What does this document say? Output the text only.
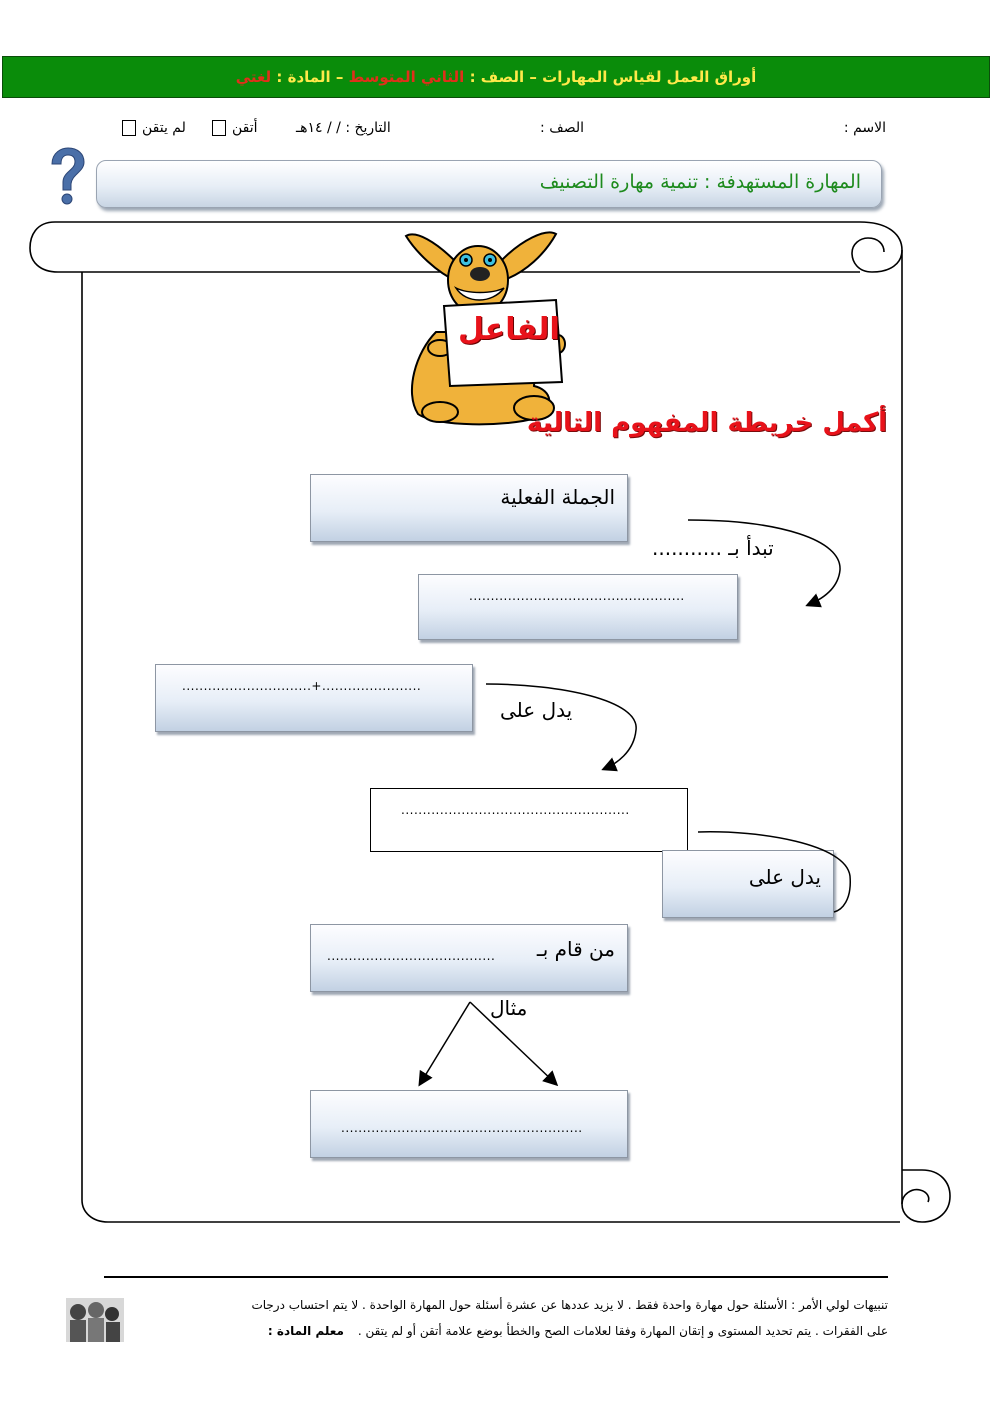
أوراق العمل لقياس المهارات – الصف : الثاني المتوسط – المادة : لغتي
الاسم :
الصف :
التاريخ : / / ١٤هـ
أتقن
لم يتقن
المهارة المستهدفة : تنمية مهارة التصنيف
الفاعل
أكمل خريطة المفهوم التالية
الجملة الفعلية
تبدأ بـ ...........
..................................................
.......................+..............................
يدل على
.....................................................
يدل على
من قام بـ
.......................................
مثال
........................................................
تنبيهات لولي الأمر : الأسئلة حول مهارة واحدة فقط . لا يزيد عددها عن عشرة أسئلة حول المهارة الواحدة . لا يتم احتساب درجات
على الفقرات . يتم تحديد المستوى و إتقان المهارة وفقا لعلامات الصح والخطأ بوضع علامة أتقن أو لم يتقن . معلم المادة :
